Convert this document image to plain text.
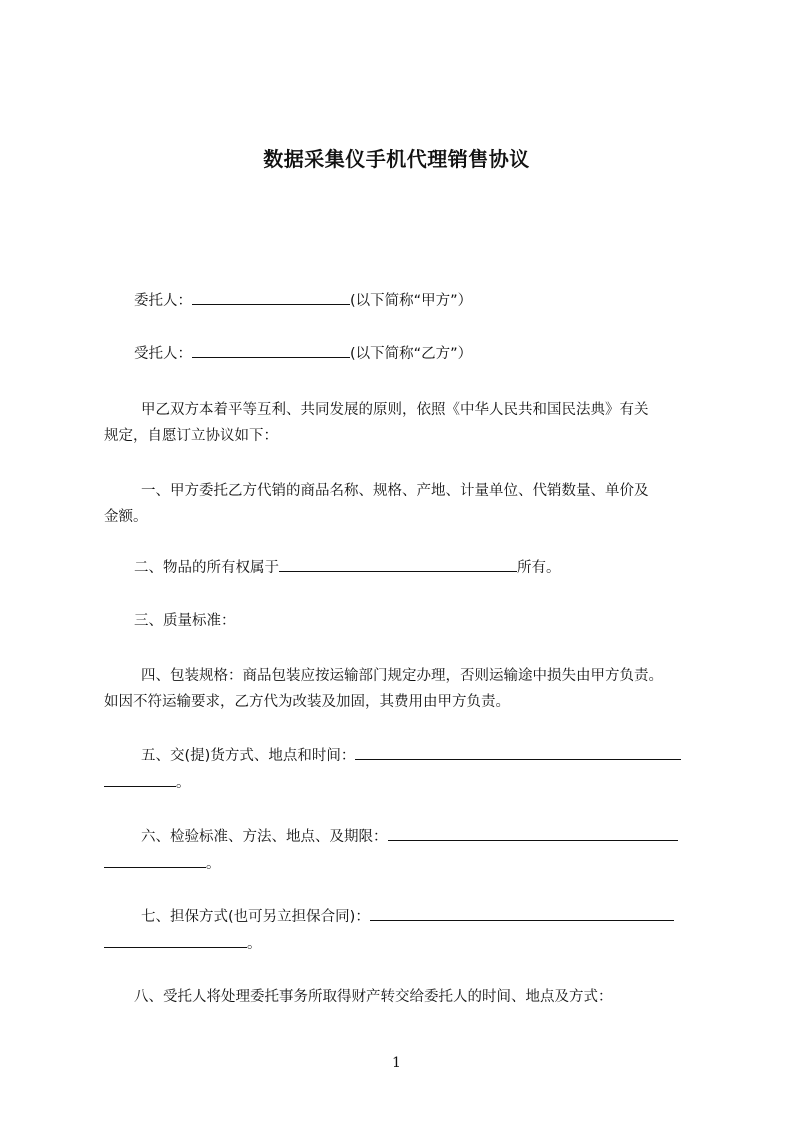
数据采集仪手机代理销售协议
委托人：	(以下简称“甲方”）
受托人：	(以下简称“乙方”）
甲乙双方本着平等互利、共同发展的原则，依照《中华人民共和国民法典》有关
规定，自愿订立协议如下：
一、甲方委托乙方代销的商品名称、规格、产地、计量单位、代销数量、单价及
金额。
二、物品的所有权属于	所有。
三、质量标准：
四、包装规格：商品包装应按运输部门规定办理，否则运输途中损失由甲方负责。
如因不符运输要求，乙方代为改装及加固，其费用由甲方负责。
五、交(提)货方式、地点和时间：
。
六、检验标准、方法、地点、及期限：
。
七、担保方式(也可另立担保合同)：
。
八、受托人将处理委托事务所取得财产转交给委托人的时间、地点及方式：
1
